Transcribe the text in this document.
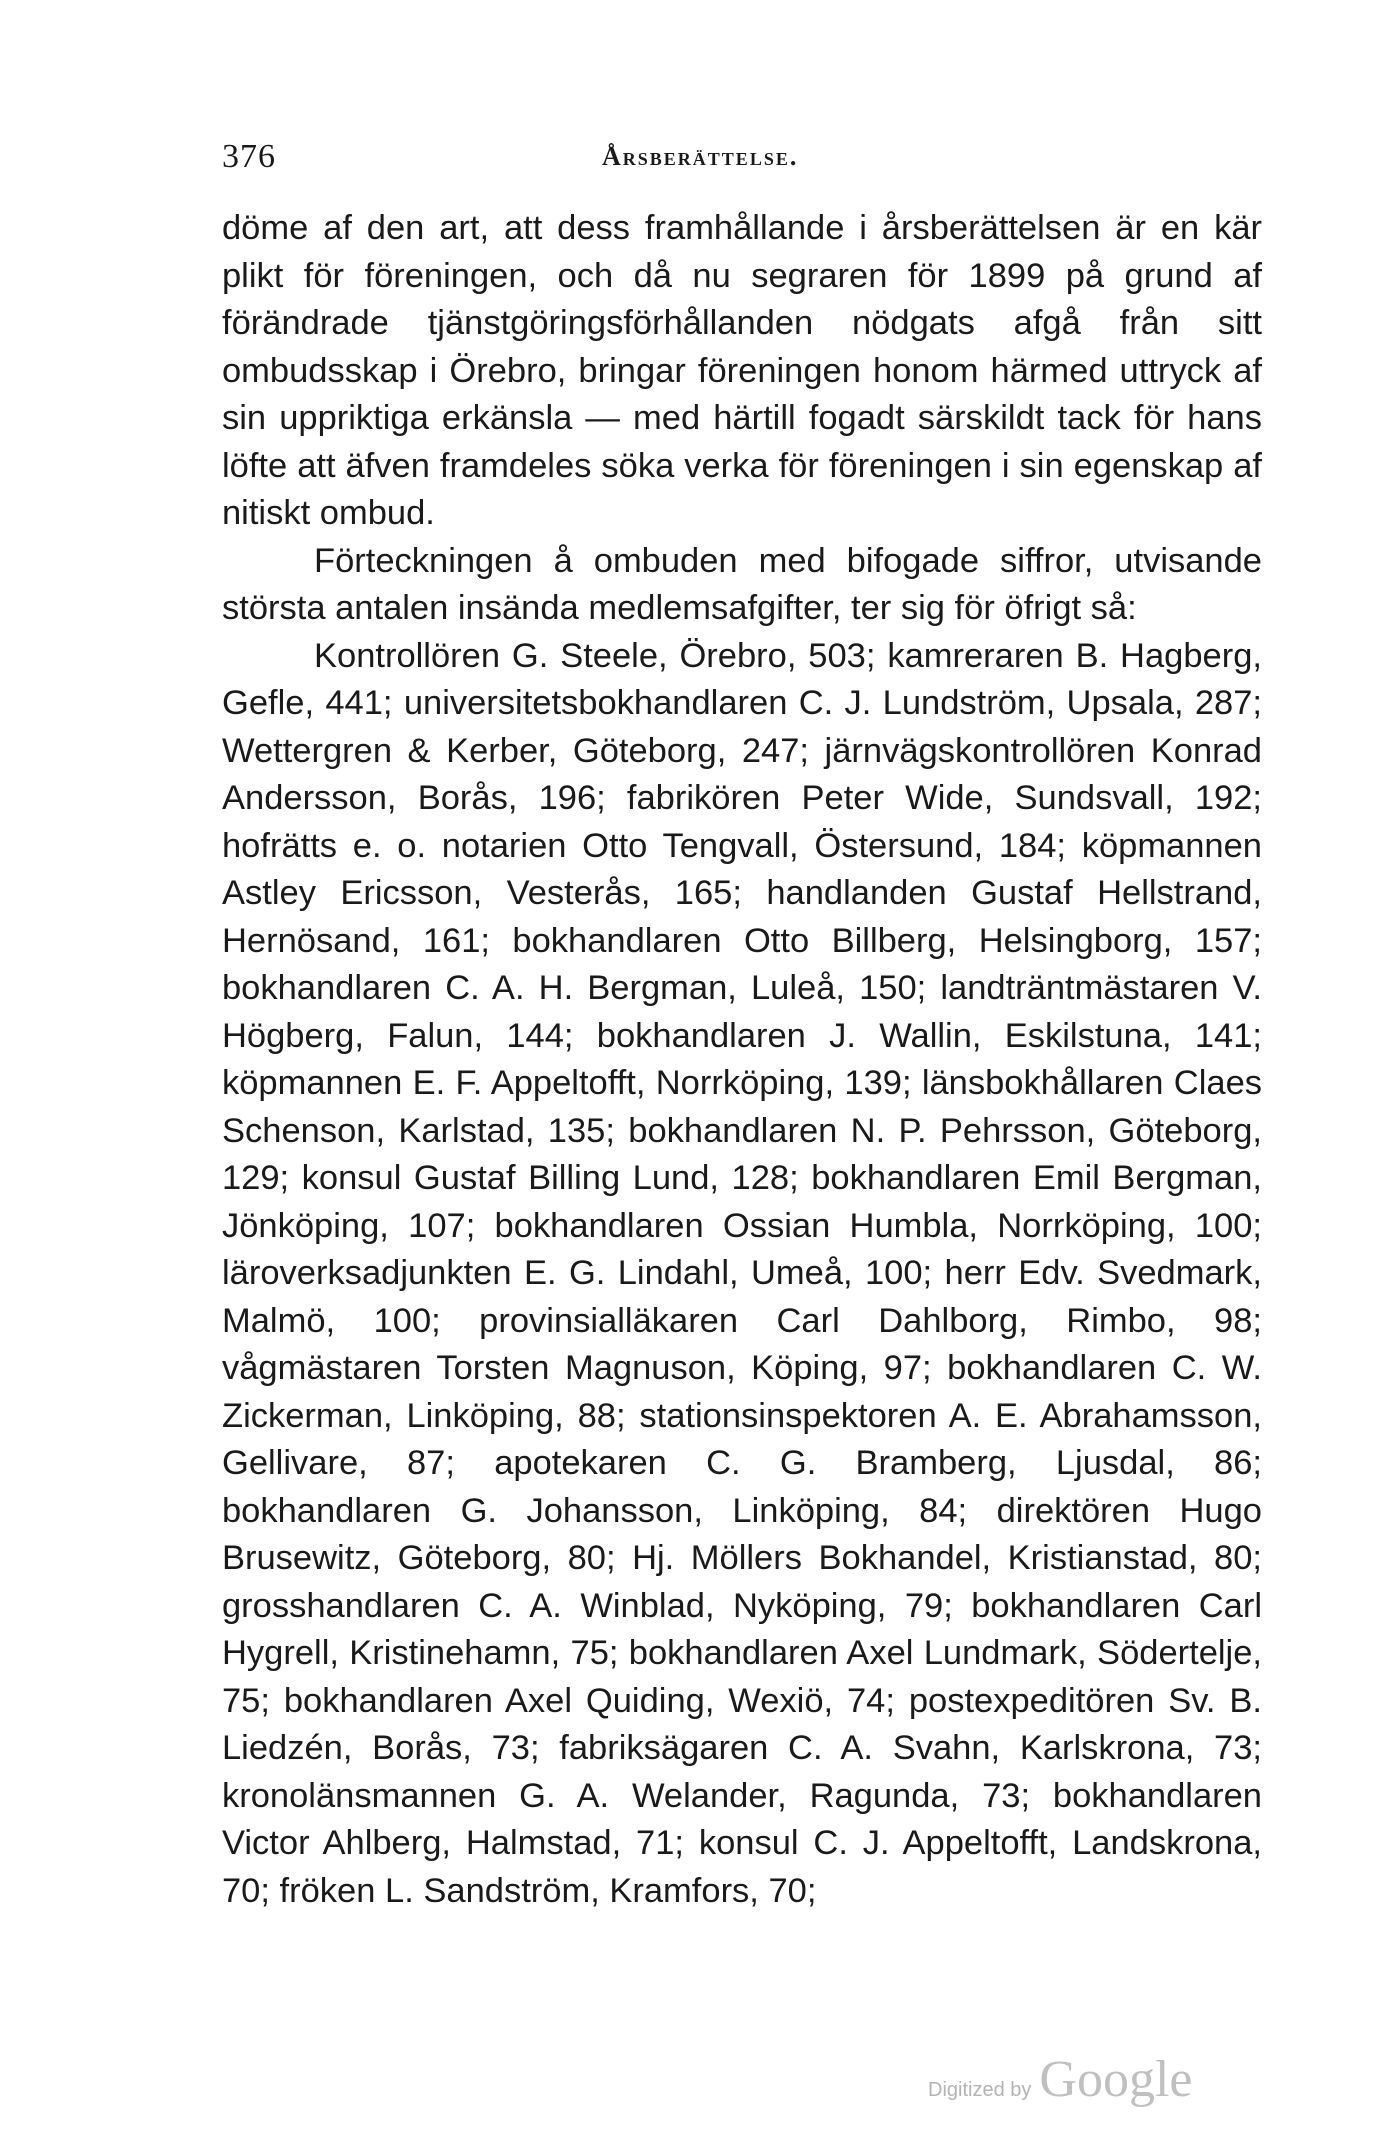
376	Årsberättelse.

döme af den art, att dess framhållande i årsberättelsen är en kär plikt för föreningen, och då nu segraren för 1899 på grund af förändrade tjänstgöringsförhållanden nödgats afgå från sitt ombudsskap i Örebro, bringar föreningen honom härmed uttryck af sin uppriktiga erkänsla — med härtill fogadt särskildt tack för hans löfte att äfven framdeles söka verka för föreningen i sin egenskap af nitiskt ombud.

Förteckningen å ombuden med bifogade siffror, utvisande största antalen insända medlemsafgifter, ter sig för öfrigt så:

Kontrollören G. Steele, Örebro, 503; kamreraren B. Hagberg, Gefle, 441; universitetsbokhandlaren C. J. Lundström, Upsala, 287; Wettergren & Kerber, Göteborg, 247; järnvägskontrollören Konrad Andersson, Borås, 196; fabrikören Peter Wide, Sundsvall, 192; hofrätts e. o. notarien Otto Tengvall, Östersund, 184; köpmannen Astley Ericsson, Vesterås, 165; handlanden Gustaf Hellstrand, Hernösand, 161; bokhandlaren Otto Billberg, Helsingborg, 157; bokhandlaren C. A. H. Bergman, Luleå, 150; landträntmästaren V. Högberg, Falun, 144; bokhandlaren J. Wallin, Eskilstuna, 141; köpmannen E. F. Appeltofft, Norrköping, 139; länsbokhållaren Claes Schenson, Karlstad, 135; bokhandlaren N. P. Pehrsson, Göteborg, 129; konsul Gustaf Billing Lund, 128; bokhandlaren Emil Bergman, Jönköping, 107; bokhandlaren Ossian Humbla, Norrköping, 100; läroverksadjunkten E. G. Lindahl, Umeå, 100; herr Edv. Svedmark, Malmö, 100; provinsialläkaren Carl Dahlborg, Rimbo, 98; vågmästaren Torsten Magnuson, Köping, 97; bokhandlaren C. W. Zickerman, Linköping, 88; stationsinspektoren A. E. Abrahamsson, Gellivare, 87; apotekaren C. G. Bramberg, Ljusdal, 86; bokhandlaren G. Johansson, Linköping, 84; direktören Hugo Brusewitz, Göteborg, 80; Hj. Möllers Bokhandel, Kristianstad, 80; grosshandlaren C. A. Winblad, Nyköping, 79; bokhandlaren Carl Hygrell, Kristinehamn, 75; bokhandlaren Axel Lundmark, Södertelje, 75; bokhandlaren Axel Quiding, Wexiö, 74; postexpeditören Sv. B. Liedzén, Borås, 73; fabriksägaren C. A. Svahn, Karlskrona, 73; kronolänsmannen G. A. Welander, Ragunda, 73; bokhandlaren Victor Ahlberg, Halmstad, 71; konsul C. J. Appeltofft, Landskrona, 70; fröken L. Sandström, Kramfors, 70;

Digitized by Google
